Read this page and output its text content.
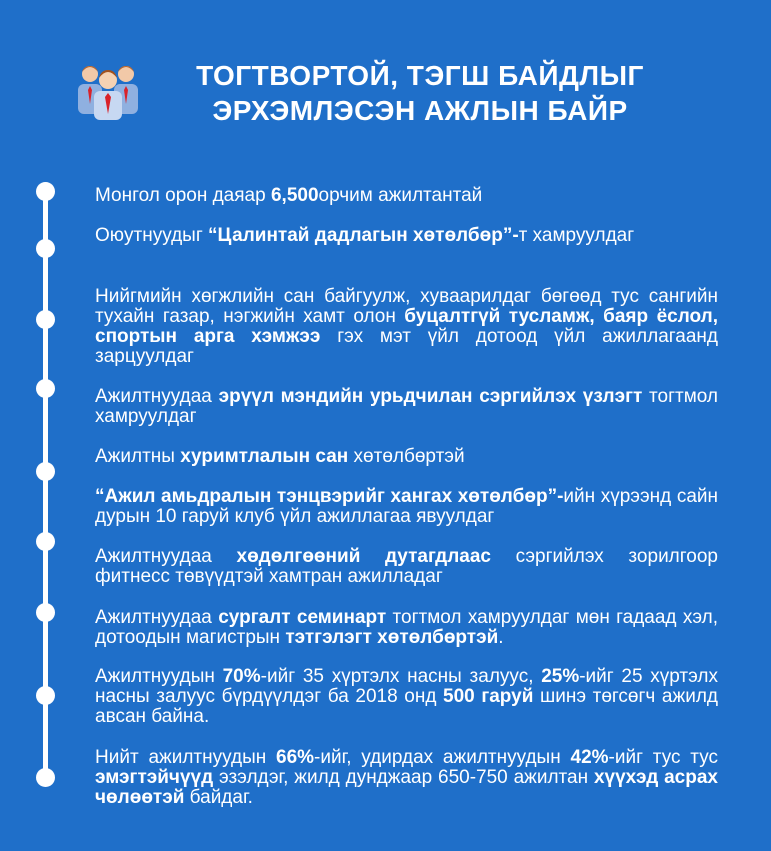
ТОГТВОРТОЙ, ТЭГШ БАЙДЛЫГ
ЭРХЭМЛЭСЭН АЖЛЫН БАЙР
Монгол орон даяар 6,500орчим ажилтантай
Оюутнуудыг “Цалинтай дадлагын хөтөлбөр”-т хамруулдаг
Нийгмийн хөгжлийн сан байгуулж, хуваарилдаг бөгөөд тус сангийн тухайн газар, нэгжийн хамт олон буцалтгүй тусламж, баяр ёслол, спортын арга хэмжээ гэх мэт үйл дотоод үйл ажиллагаанд зарцуулдаг
Ажилтнуудаа эрүүл мэндийн урьдчилан сэргийлэх үзлэгт тогтмол хамруулдаг
Ажилтны хуримтлалын сан хөтөлбөртэй
“Ажил амьдралын тэнцвэрийг хангах хөтөлбөр”-ийн хүрээнд сайн дурын 10 гаруй клуб үйл ажиллагаа явуулдаг
Ажилтнуудаа хөдөлгөөний дутагдлаас сэргийлэх зорилгоор фитнесс төвүүдтэй хамтран ажилладаг
Ажилтнуудаа сургалт семинарт тогтмол хамруулдаг мөн гадаад хэл, дотоодын магистрын тэтгэлэгт хөтөлбөртэй.
Ажилтнуудын 70%-ийг 35 хүртэлх насны залуус, 25%-ийг 25 хүртэлх насны залуус бүрдүүлдэг ба 2018 онд 500 гаруй шинэ төгсөгч ажилд авсан байна.
Нийт ажилтнуудын 66%-ийг, удирдах ажилтнуудын 42%-ийг тус тус эмэгтэйчүүд эзэлдэг, жилд дунджаар 650-750 ажилтан хүүхэд асрах чөлөөтэй байдаг.
